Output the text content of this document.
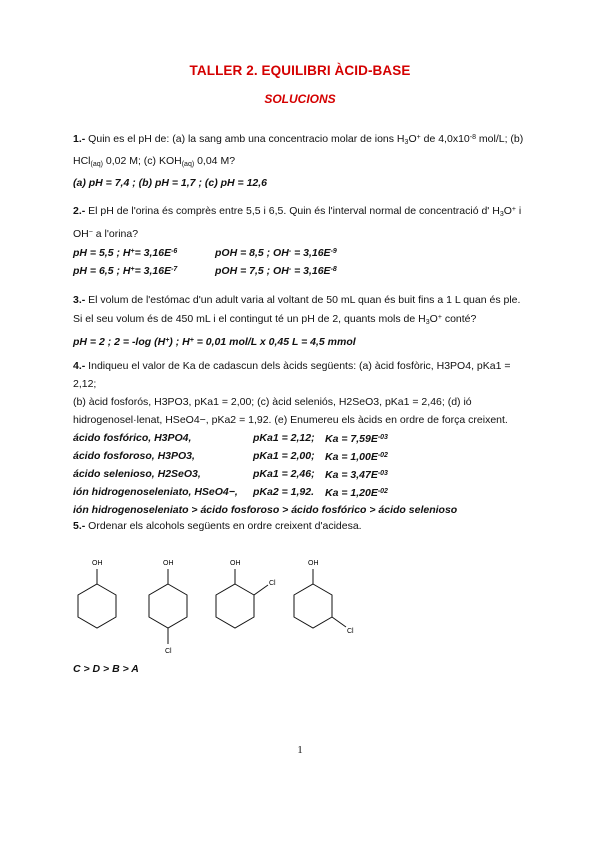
TALLER 2. EQUILIBRI ÀCID-BASE
SOLUCIONS
1.- Quin es el pH de: (a) la sang amb una concentracio molar de ions $H_3O^+$ de $4,0x10^{-8}$ mol/L; (b)
HCl$_{(aq)}$ 0,02 M; (c) $KOH_{(aq)}$ 0,04 M?
(a) pH = 7,4 ; (b) pH = 1,7 ; (c) pH = 12,6
2.- El pH de l'orina és comprès entre 5,5 i 6,5. Quin és l'interval normal de concentració d' $H_3O^+$ i
OH− a l'orina?
pH = 5,5 ; $H^+= 3,16E^{-6}$	pOH = 8,5 ; $OH^- = 3,16E^{-9}$
pH = 6,5 ; $H^+= 3,16E^{-7}$	pOH = 7,5 ; $OH^- = 3,16E^{-8}$
3.- El volum de l'estómac d'un adult varia al voltant de 50 mL quan és buit fins a 1 L quan és ple.
Si el seu volum és de 450 mL i el contingut té un pH de 2, quants mols de $H_3O^+$ conté?
pH = 2 ; 2 = -log (H+) ; H+ = 0,01 mol/L x 0,45 L = 4,5 mmol
4.- Indiqueu el valor de Ka de cadascun dels àcids següents: (a) àcid fosfòric, H3PO4, pKa1 = 2,12;
(b) àcid fosforós, H3PO3, pKa1 = 2,00; (c) àcid seleniós, H2SeO3, pKa1 = 2,46; (d) ió
hidrogenosel·lenat, HSeO4−, pKa2 = 1,92. (e) Enumereu els àcids en ordre de força creixent.
ácido fosfórico, H3PO4,	pKa1 = 2,12; $Ka = 7,59E^{-03}$
ácido fosforoso, H3PO3,	pKa1 = 2,00; $Ka = 1,00E^{-02}$
ácido selenioso, H2SeO3,	pKa1 = 2,46; $Ka = 3,47E^{-03}$
ión hidrogenoseleniato, HSeO4−, pKa2 = 1,92. $Ka = 1,20E^{-02}$
ión hidrogenoseleniato > ácido fosforoso > ácido fosfórico > ácido selenioso
5.- Ordenar els alcohols següents en ordre creixent d'acidesa.
OH	OH
Cl
OH
Cl
OH
Cl
C > D > B > A
1
